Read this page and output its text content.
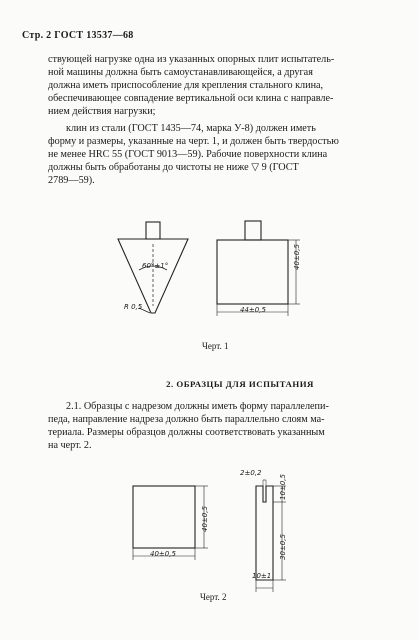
Стр. 2 ГОСТ 13537—68
ствующей нагрузке одна из указанных опорных плит испытатель-
ной машины должна быть самоустанавливающейся, а другая
должна иметь приспособление для крепления стального клина,
обеспечивающее совпадение вертикальной оси клина с направле-
нием действия нагрузки;
клин из стали (ГОСТ 1435—74, марка У-8) должен иметь
форму и размеры, указанные на черт. 1, и должен быть твердостью
не менее HRC 55 (ГОСТ 9013—59). Рабочие поверхности клина
должны быть обработаны до чистоты не ниже ▽ 9 (ГОСТ
2789—59).
60°±1°
R 0,5
40±0,5
44±0,5
Черт. 1
2. ОБРАЗЦЫ ДЛЯ ИСПЫТАНИЯ
2.1. Образцы с надрезом должны иметь форму параллелепи-
педа, направление надреза должно быть параллельно слоям ма-
териала. Размеры образцов должны соответствовать указанным
на черт. 2.
2±0,2
10±0,5
40±0,5
30±0,5
10±1
40±0,5
Черт. 2
